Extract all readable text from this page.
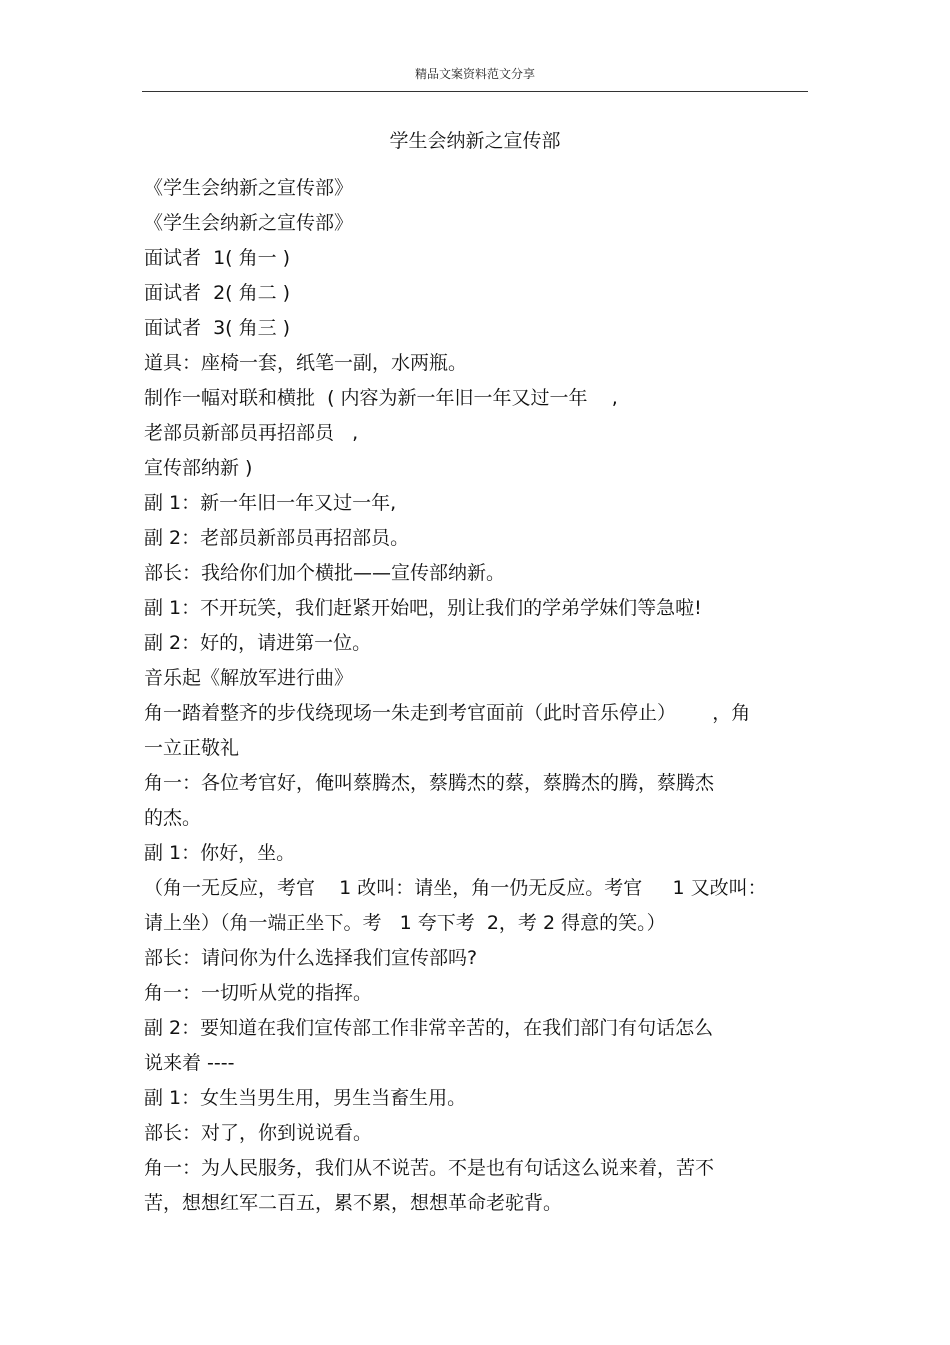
精品文案资料范文分享
学生会纳新之宣传部
《学生会纳新之宣传部》
《学生会纳新之宣传部》
面试者  1( 角一 )
面试者  2( 角二 )
面试者  3( 角三 )
道具：座椅一套，纸笔一副，水两瓶。
制作一幅对联和横批  ( 内容为新一年旧一年又过一年    ,
老部员新部员再招部员   ,
宣传部纳新 )
副 1：新一年旧一年又过一年,
副 2：老部员新部员再招部员。
部长：我给你们加个横批——宣传部纳新。
副 1：不开玩笑，我们赶紧开始吧，别让我们的学弟学妹们等急啦!
副 2：好的，请进第一位。
音乐起《解放军进行曲》
角一踏着整齐的步伐绕现场一朱走到考官面前（此时音乐停止）      ，角
一立正敬礼
角一：各位考官好，俺叫蔡腾杰，蔡腾杰的蔡，蔡腾杰的腾，蔡腾杰
的杰。
副 1：你好，坐。
（角一无反应，考官    1 改叫：请坐，角一仍无反应。考官     1 又改叫：
请上坐）（角一端正坐下。考   1 夸下考  2，考 2 得意的笑。）
部长：请问你为什么选择我们宣传部吗?
角一：一切听从党的指挥。
副 2：要知道在我们宣传部工作非常辛苦的，在我们部门有句话怎么
说来着 ----
副 1：女生当男生用，男生当畜生用。
部长：对了，你到说说看。
角一：为人民服务，我们从不说苦。不是也有句话这么说来着，苦不
苦，想想红军二百五，累不累，想想革命老驼背。
